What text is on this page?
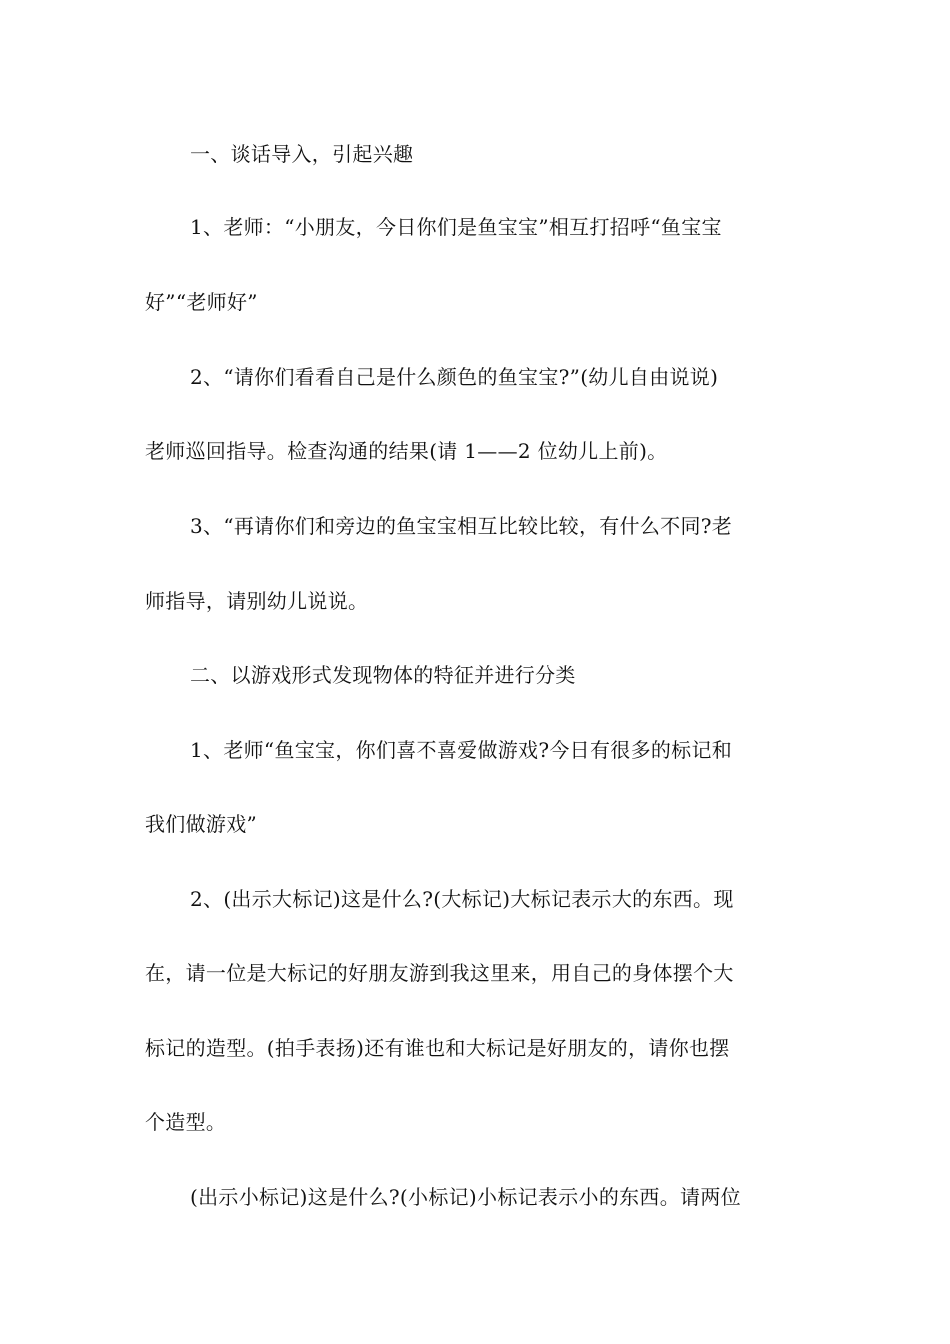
一、谈话导入，引起兴趣
1、老师：“小朋友，今日你们是鱼宝宝”相互打招呼“鱼宝宝
好”“老师好”
2、“请你们看看自己是什么颜色的鱼宝宝?”(幼儿自由说说)
老师巡回指导。检查沟通的结果(请 1——2 位幼儿上前)。
3、“再请你们和旁边的鱼宝宝相互比较比较，有什么不同?老
师指导，请别幼儿说说。
二、以游戏形式发现物体的特征并进行分类
1、老师“鱼宝宝，你们喜不喜爱做游戏?今日有很多的标记和
我们做游戏”
2、(出示大标记)这是什么?(大标记)大标记表示大的东西。现
在，请一位是大标记的好朋友游到我这里来，用自己的身体摆个大
标记的造型。(拍手表扬)还有谁也和大标记是好朋友的，请你也摆
个造型。
(出示小标记)这是什么?(小标记)小标记表示小的东西。请两位
